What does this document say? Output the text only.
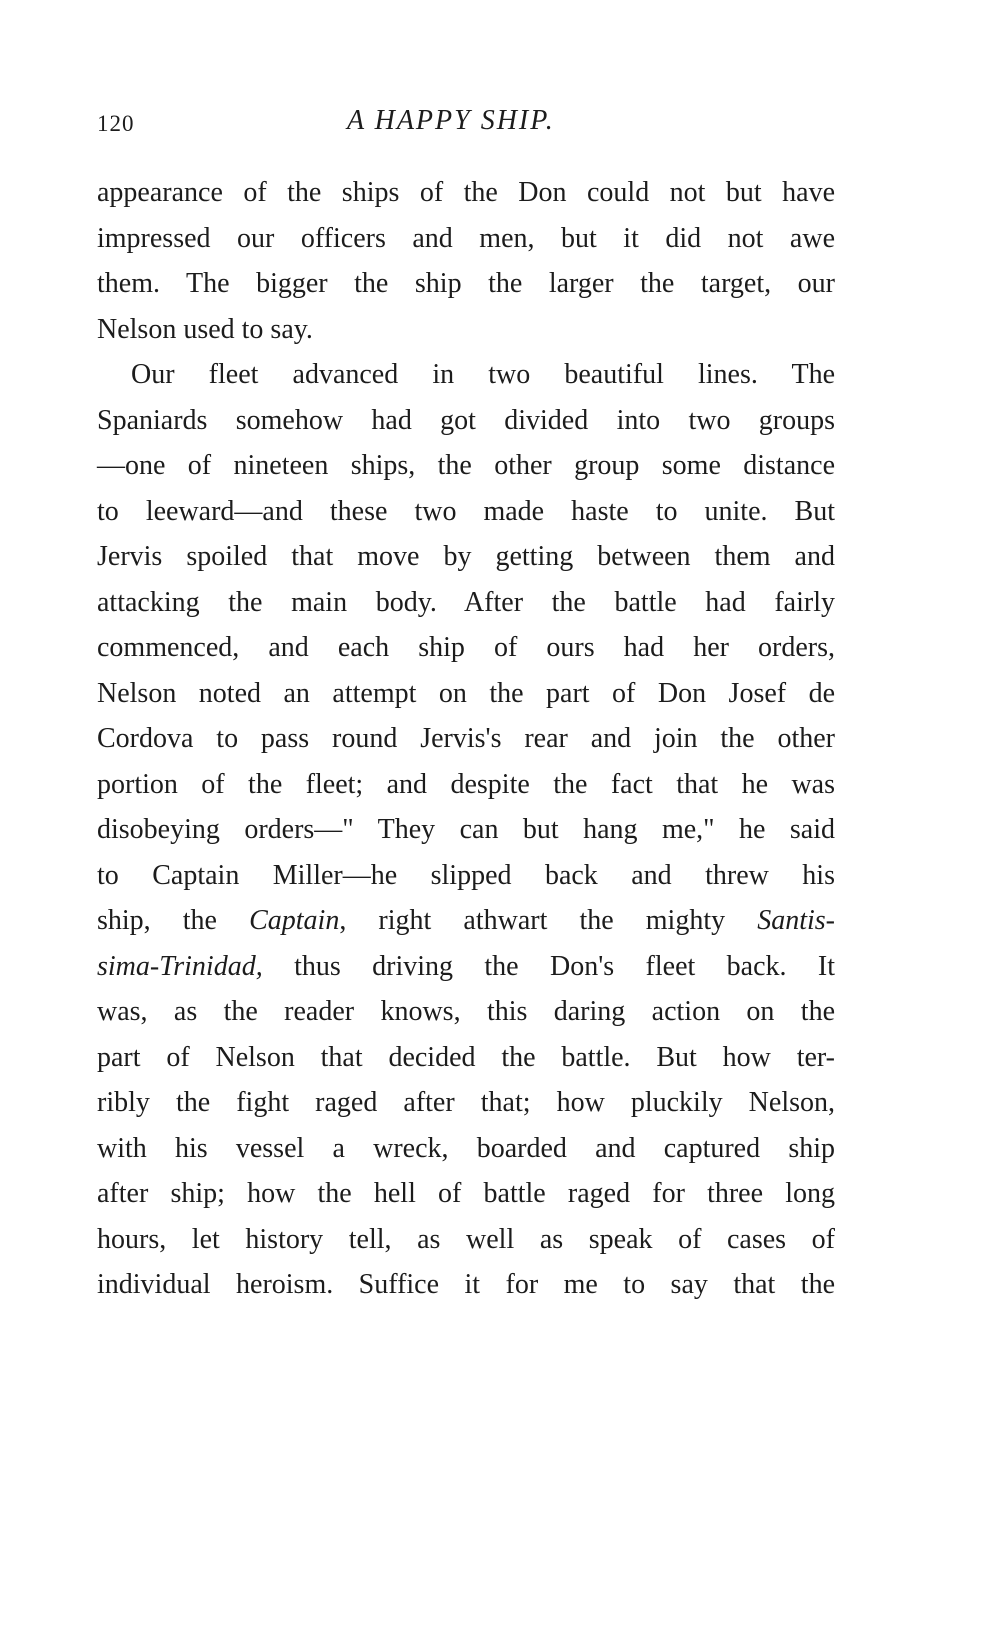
120	A HAPPY SHIP.
appearance of the ships of the Don could not but have
impressed our officers and men, but it did not awe
them. The bigger the ship the larger the target, our
Nelson used to say.
Our fleet advanced in two beautiful lines. The
Spaniards somehow had got divided into two groups
—one of nineteen ships, the other group some distance
to leeward—and these two made haste to unite. But
Jervis spoiled that move by getting between them and
attacking the main body. After the battle had fairly
commenced, and each ship of ours had her orders,
Nelson noted an attempt on the part of Don Josef de
Cordova to pass round Jervis's rear and join the other
portion of the fleet; and despite the fact that he was
disobeying orders—" They can but hang me," he said
to Captain Miller—he slipped back and threw his
ship, the Captain, right athwart the mighty Santis-
sima-Trinidad, thus driving the Don's fleet back. It
was, as the reader knows, this daring action on the
part of Nelson that decided the battle. But how ter-
ribly the fight raged after that; how pluckily Nelson,
with his vessel a wreck, boarded and captured ship
after ship; how the hell of battle raged for three long
hours, let history tell, as well as speak of cases of
individual heroism. Suffice it for me to say that the
